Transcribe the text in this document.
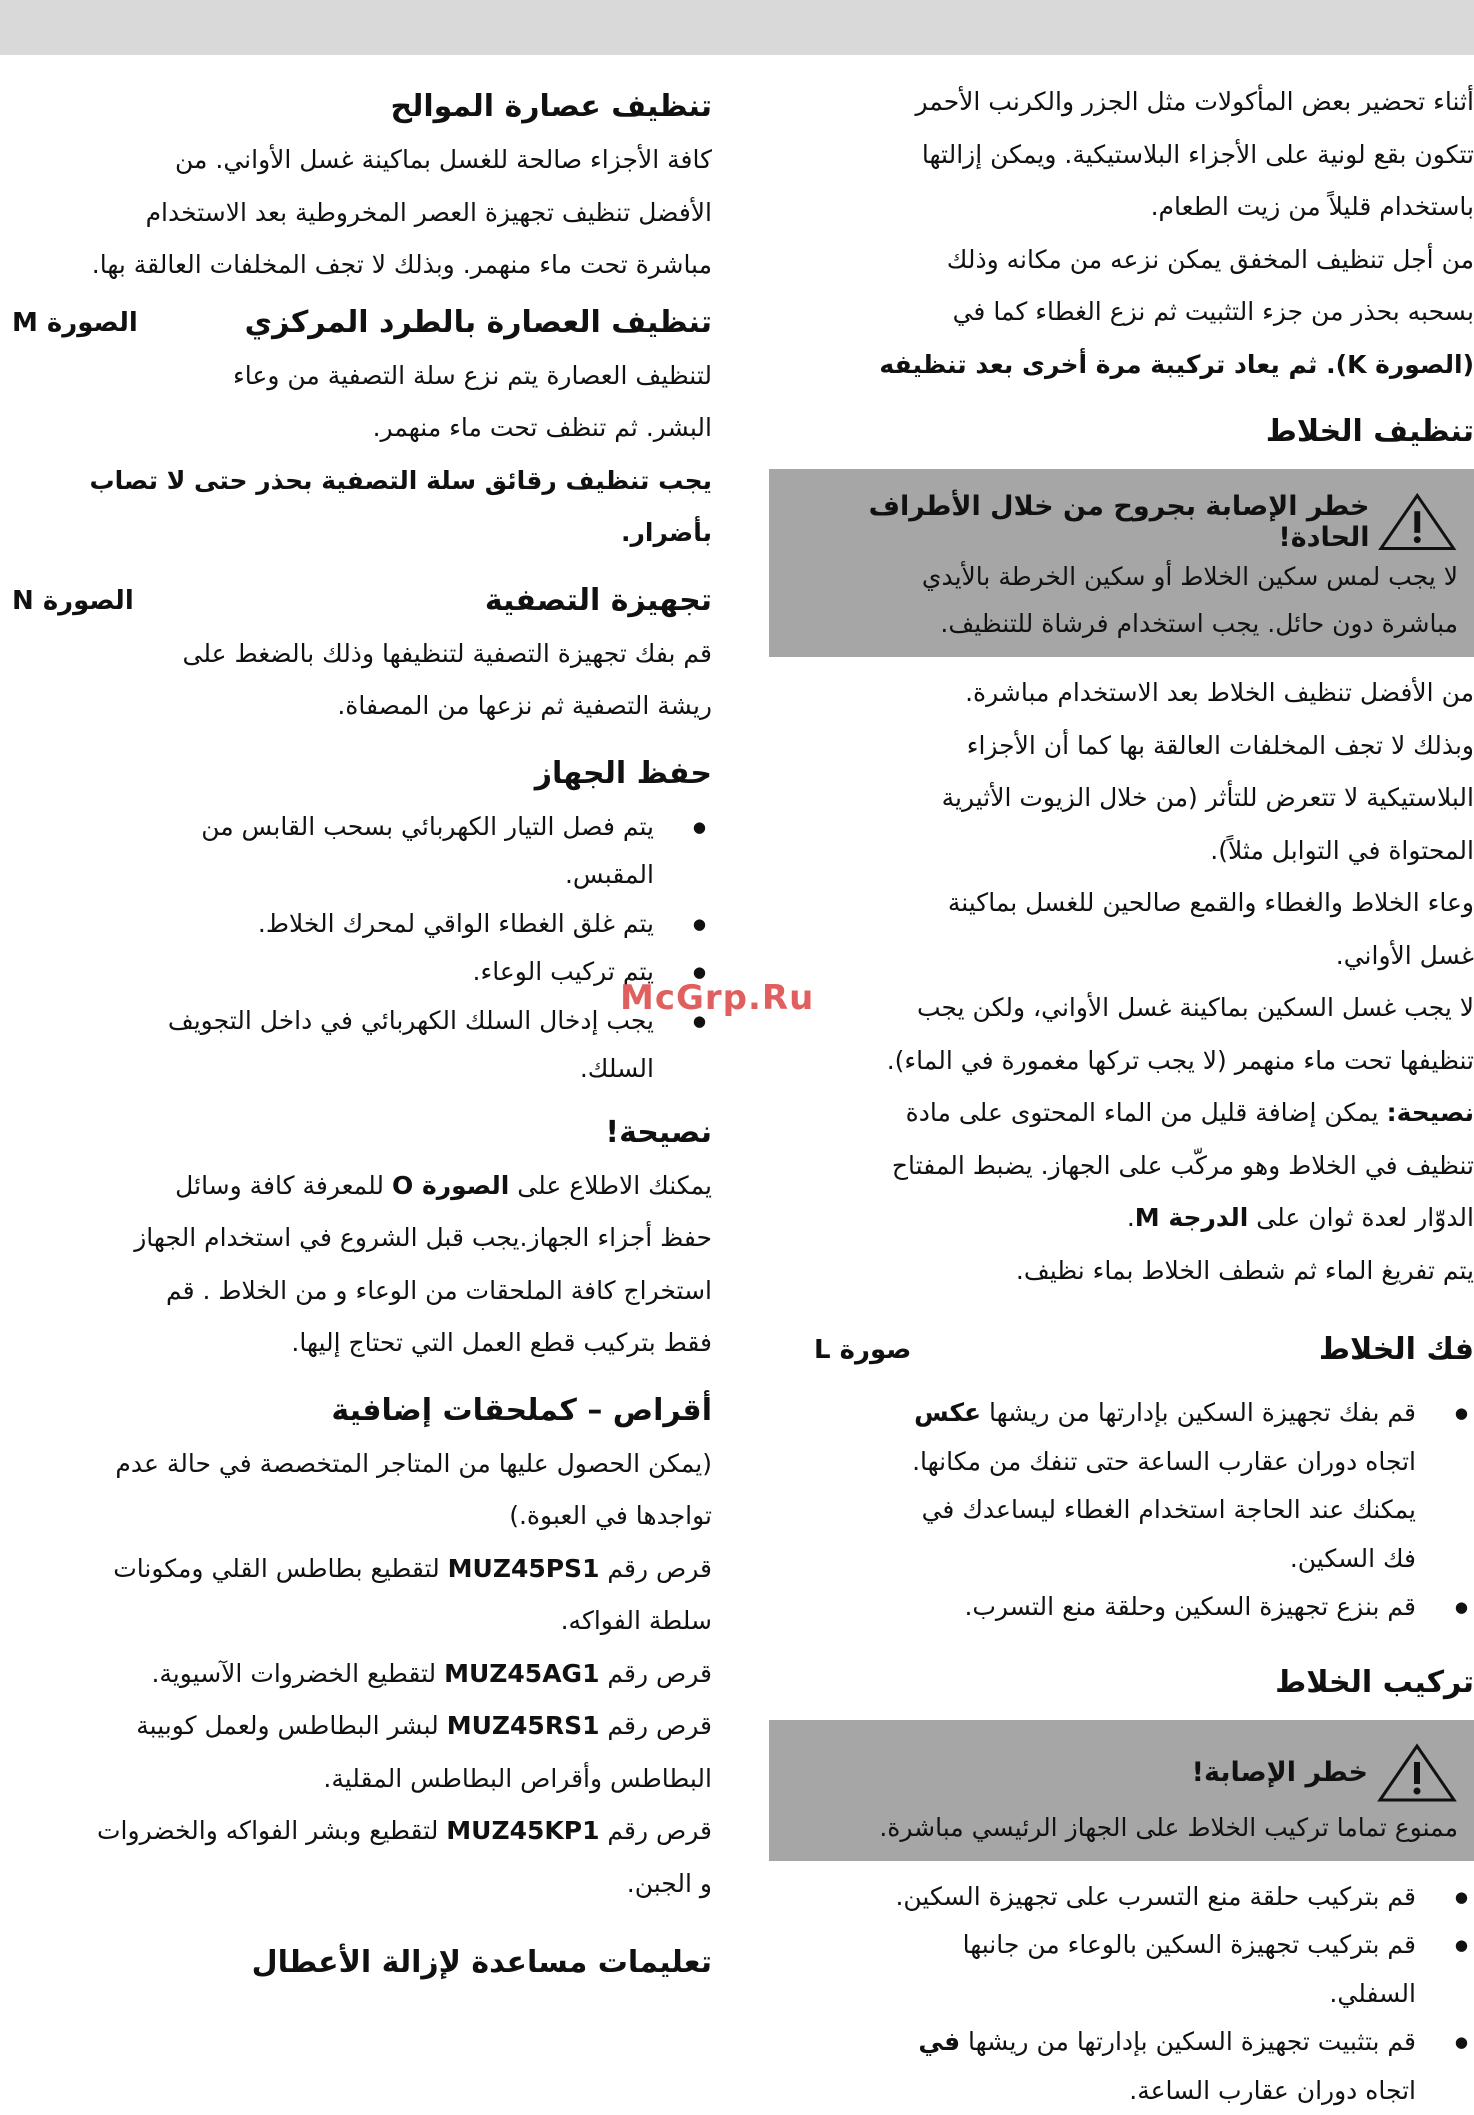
أثناء تحضير بعض المأكولات مثل الجزر والكرنب الأحمر

تتكون بقع لونية على الأجزاء البلاستيكية. ويمكن إزالتها

باستخدام قليلاً من زيت الطعام.

من أجل تنظيف المخفق يمكن نزعه من مكانه وذلك

بسحبه بحذر من جزء التثبيت ثم نزع الغطاء كما في

(الصورة K). ثم يعاد تركيبة مرة أخرى بعد تنظيفه

تنظيف الخلاط
خطر الإصابة بجروح من خلال الأطراف الحادة!

لا يجب لمس سكين الخلاط أو سكين الخرطة بالأيدي

مباشرة دون حائل. يجب استخدام فرشاة للتنظيف.

من الأفضل تنظيف الخلاط بعد الاستخدام مباشرة.

وبذلك لا تجف المخلفات العالقة بها كما أن الأجزاء

البلاستيكية لا تتعرض للتأثر (من خلال الزيوت الأثيرية

المحتواة في التوابل مثلاً).

وعاء الخلاط والغطاء والقمع صالحين للغسل بماكينة

غسل الأواني.

لا يجب غسل السكين بماكينة غسل الأواني، ولكن يجب

تنظيفها تحت ماء منهمر (لا يجب تركها مغمورة في الماء).

نصيحة: يمكن إضافة قليل من الماء المحتوى على مادة

تنظيف في الخلاط وهو مركّب على الجهاز. يضبط المفتاح

الدوّار لعدة ثوان على الدرجة M.

يتم تفريغ الماء ثم شطف الخلاط بماء نظيف.

فك الخلاط
صورة L
● قم بفك تجهيزة السكين بإدارتها من ريشها عكس
اتجاه دوران عقارب الساعة حتى تنفك من مكانها.
يمكنك عند الحاجة استخدام الغطاء ليساعدك في
فك السكين.
● قم بنزع تجهيزة السكين وحلقة منع التسرب.
تركيب الخلاط
خطر الإصابة!

ممنوع تماما تركيب الخلاط على الجهاز الرئيسي مباشرة.

● قم بتركيب حلقة منع التسرب على تجهيزة السكين.
● قم بتركيب تجهيزة السكين بالوعاء من جانبها
السفلي.
● قم بتثبيت تجهيزة السكين بإدارتها من ريشها في
اتجاه دوران عقارب الساعة.
تنظيف عصارة الموالح

كافة الأجزاء صالحة للغسل بماكينة غسل الأواني. من

الأفضل تنظيف تجهيزة العصر المخروطية بعد الاستخدام

مباشرة تحت ماء منهمر. وبذلك لا تجف المخلفات العالقة بها.

تنظيف العصارة بالطرد المركزي
الصورة M

لتنظيف العصارة يتم نزع سلة التصفية من وعاء

البشر. ثم تنظف تحت ماء منهمر.

يجب تنظيف رقائق سلة التصفية بحذر حتى لا تصاب

بأضرار.

تجهيزة التصفية
الصورة N

قم بفك تجهيزة التصفية لتنظيفها وذلك بالضغط على

ريشة التصفية ثم نزعها من المصفاة.

حفظ الجهاز
● يتم فصل التيار الكهربائي بسحب القابس من
المقبس.
● يتم غلق الغطاء الواقي لمحرك الخلاط.
● يتم تركيب الوعاء.
● يجب إدخال السلك الكهربائي في داخل التجويف
السلك.
نصيحة!

يمكنك الاطلاع على الصورة O للمعرفة كافة وسائل

حفظ أجزاء الجهاز.يجب قبل الشروع في استخدام الجهاز

استخراج كافة الملحقات من الوعاء و من الخلاط . قم

فقط بتركيب قطع العمل التي تحتاج إليها.

أقراص – كملحقات إضافية

(يمكن الحصول عليها من المتاجر المتخصصة في حالة عدم

تواجدها في العبوة.)

قرص رقم MUZ45PS1 لتقطيع بطاطس القلي ومكونات

سلطة الفواكه.

قرص رقم MUZ45AG1 لتقطيع الخضروات الآسيوية.

قرص رقم MUZ45RS1 لبشر البطاطس ولعمل كوبيبة

البطاطس وأقراص البطاطس المقلية.

قرص رقم MUZ45KP1 لتقطيع وبشر الفواكه والخضروات

و الجبن.

تعليمات مساعدة لإزالة الأعطال
McGrp.Ru
